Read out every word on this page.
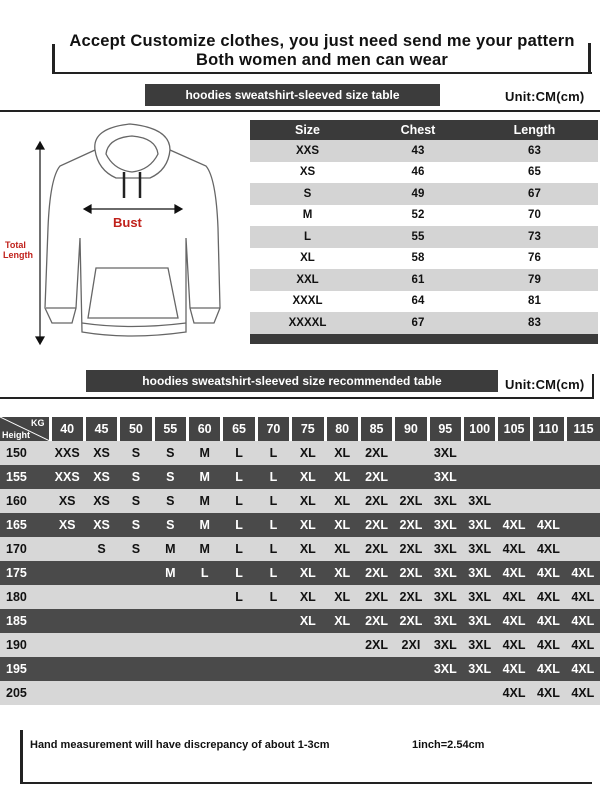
Accept Customize clothes, you just need send me your pattern
Both women and men can wear
hoodies sweatshirt-sleeved size table	Unit:CM(cm)
Bust
Total
Length
Size	Chest	Length
XXS	43	63
XS	46	65
S	49	67
M	52	70
L	55	73
XL	58	76
XXL	61	79
XXXL	64	81
XXXXL	67	83

hoodies sweatshirt-sleeved size recommended table	Unit:CM(cm)
KG
Height	40	45	50	55	60	65	70	75	80	85	90	95	100	105	110	115
150	XXS	XS	S	S	M	L	L	XL	XL	2XL		3XL				
155	XXS	XS	S	S	M	L	L	XL	XL	2XL		3XL				
160	XS	XS	S	S	M	L	L	XL	XL	2XL	2XL	3XL	3XL			
165	XS	XS	S	S	M	L	L	XL	XL	2XL	2XL	3XL	3XL	4XL	4XL	
170		S	S	M	M	L	L	XL	XL	2XL	2XL	3XL	3XL	4XL	4XL	
175				M	L	L	L	XL	XL	2XL	2XL	3XL	3XL	4XL	4XL	4XL
180						L	L	XL	XL	2XL	2XL	3XL	3XL	4XL	4XL	4XL
185								XL	XL	2XL	2XL	3XL	3XL	4XL	4XL	4XL
190										2XL	2XI	3XL	3XL	4XL	4XL	4XL
195												3XL	3XL	4XL	4XL	4XL
205														4XL	4XL	4XL
Hand measurement will have discrepancy of about 1-3cm	1inch=2.54cm
